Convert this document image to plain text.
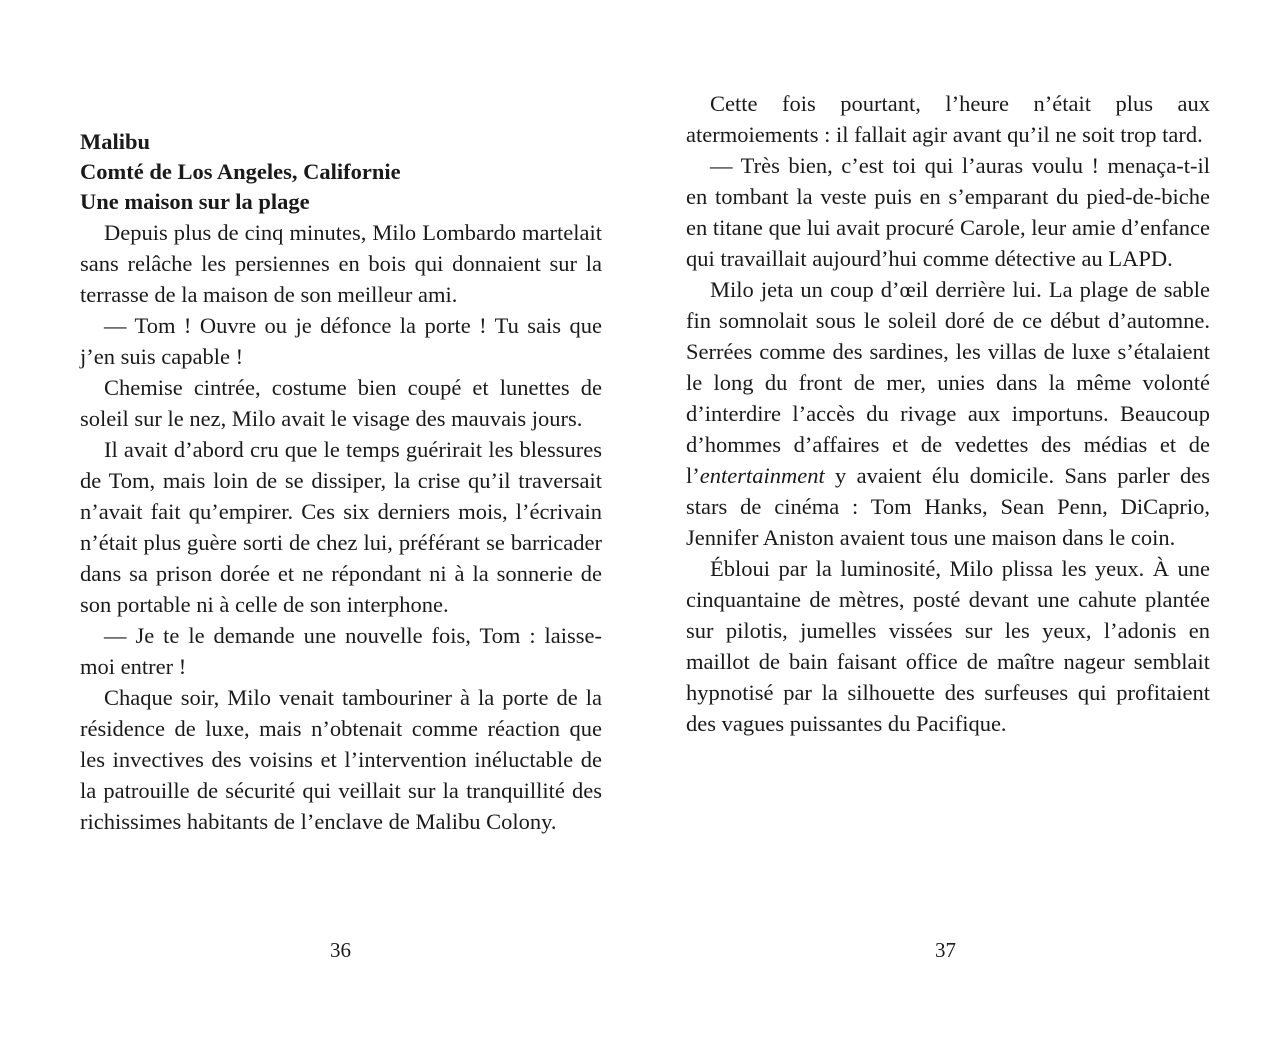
Malibu

Comté de Los Angeles, Californie

Une maison sur la plage

Depuis plus de cinq minutes, Milo Lombardo martelait sans relâche les persiennes en bois qui donnaient sur la terrasse de la maison de son meilleur ami.

— Tom ! Ouvre ou je défonce la porte ! Tu sais que j’en suis capable !

Chemise cintrée, costume bien coupé et lunettes de soleil sur le nez, Milo avait le visage des mauvais jours.

Il avait d’abord cru que le temps guérirait les blessures de Tom, mais loin de se dissiper, la crise qu’il traversait n’avait fait qu’empirer. Ces six derniers mois, l’écrivain n’était plus guère sorti de chez lui, préférant se barricader dans sa prison dorée et ne répondant ni à la sonnerie de son portable ni à celle de son interphone.

— Je te le demande une nouvelle fois, Tom : laisse-moi entrer !

Chaque soir, Milo venait tambouriner à la porte de la résidence de luxe, mais n’obtenait comme réaction que les invectives des voisins et l’intervention inéluctable de la patrouille de sécurité qui veillait sur la tranquillité des richissimes habitants de l’enclave de Malibu Colony.

36

Cette fois pourtant, l’heure n’était plus aux atermoiements : il fallait agir avant qu’il ne soit trop tard.

— Très bien, c’est toi qui l’auras voulu ! menaça-t-il en tombant la veste puis en s’emparant du pied-de-biche en titane que lui avait procuré Carole, leur amie d’enfance qui travaillait aujourd’hui comme détective au LAPD.

Milo jeta un coup d’œil derrière lui. La plage de sable fin somnolait sous le soleil doré de ce début d’automne. Serrées comme des sardines, les villas de luxe s’étalaient le long du front de mer, unies dans la même volonté d’interdire l’accès du rivage aux importuns. Beaucoup d’hommes d’affaires et de vedettes des médias et de l’entertainment y avaient élu domicile. Sans parler des stars de cinéma : Tom Hanks, Sean Penn, DiCaprio, Jennifer Aniston avaient tous une maison dans le coin.

Ébloui par la luminosité, Milo plissa les yeux. À une cinquantaine de mètres, posté devant une cahute plantée sur pilotis, jumelles vissées sur les yeux, l’adonis en maillot de bain faisant office de maître nageur semblait hypnotisé par la silhouette des surfeuses qui profitaient des vagues puissantes du Pacifique.

37
